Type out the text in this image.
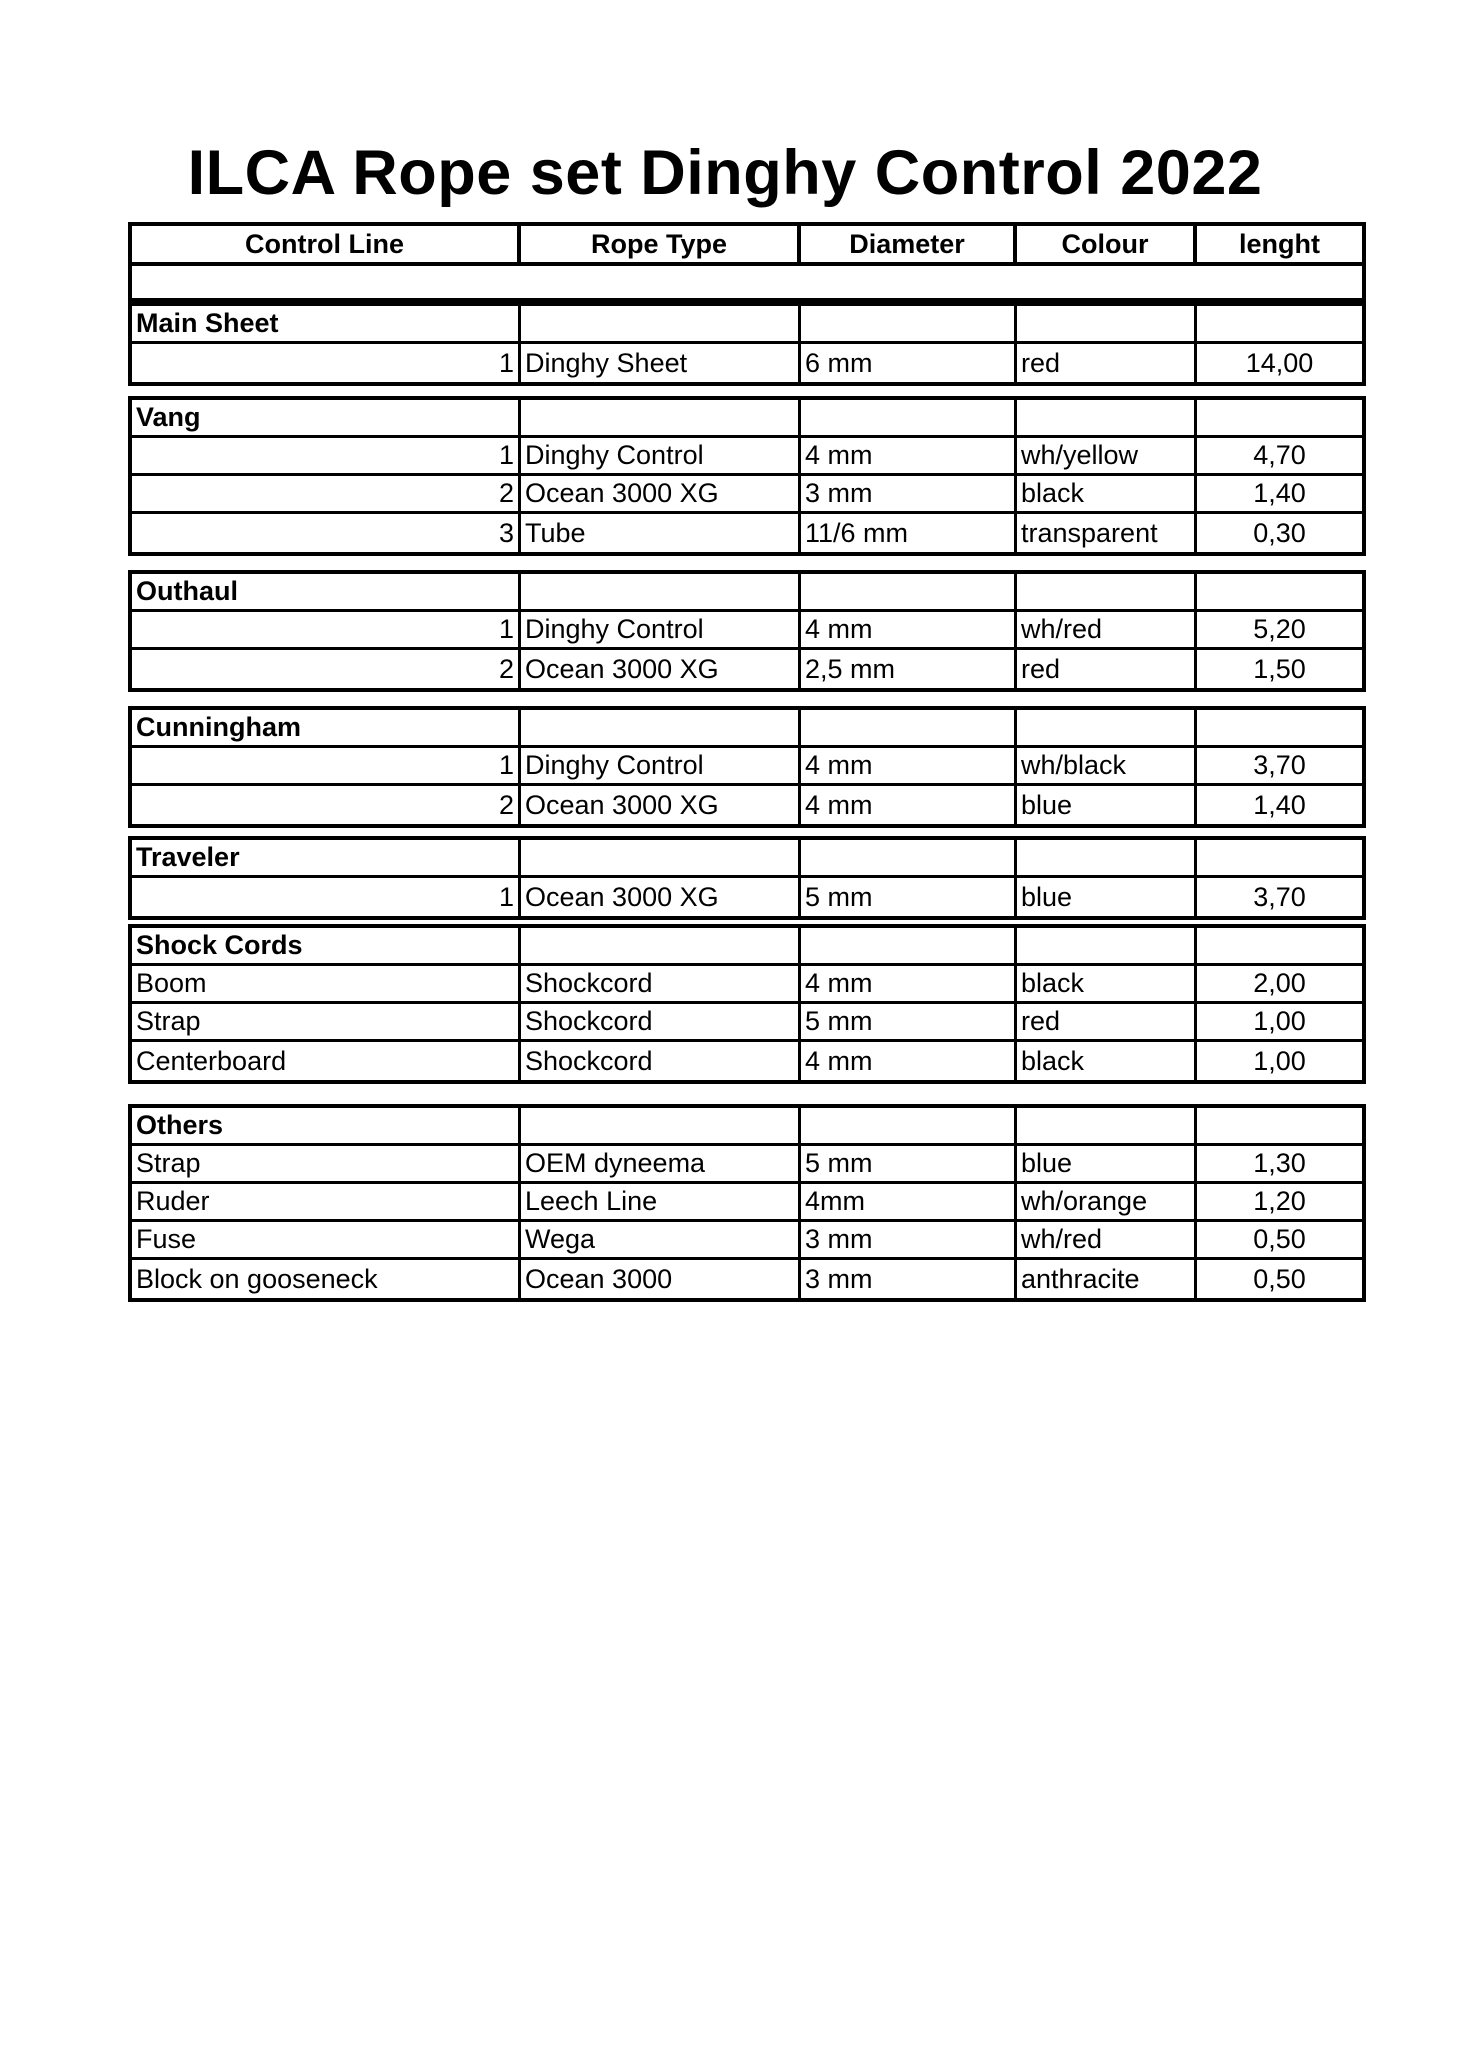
ILCA Rope set Dinghy Control 2022
Control Line	Rope Type	Diameter	Colour	lenght
Main Sheet
1 Dinghy Sheet	6 mm	red	14,00
Vang
1 Dinghy Control	4 mm	wh/yellow	4,70
2 Ocean 3000 XG	3 mm	black	1,40
3 Tube	11/6 mm	transparent	0,30
Outhaul
1 Dinghy Control	4 mm	wh/red	5,20
2 Ocean 3000 XG	2,5 mm	red	1,50
Cunningham
1 Dinghy Control	4 mm	wh/black	3,70
2 Ocean 3000 XG	4 mm	blue	1,40
Traveler
1 Ocean 3000 XG	5 mm	blue	3,70
Shock Cords
Boom	Shockcord	4 mm	black	2,00
Strap	Shockcord	5 mm	red	1,00
Centerboard	Shockcord	4 mm	black	1,00
Others
Strap	OEM dyneema	5 mm	blue	1,30
Ruder	Leech Line	4mm	wh/orange	1,20
Fuse	Wega	3 mm	wh/red	0,50
Block on gooseneck	Ocean 3000	3 mm	anthracite	0,50
